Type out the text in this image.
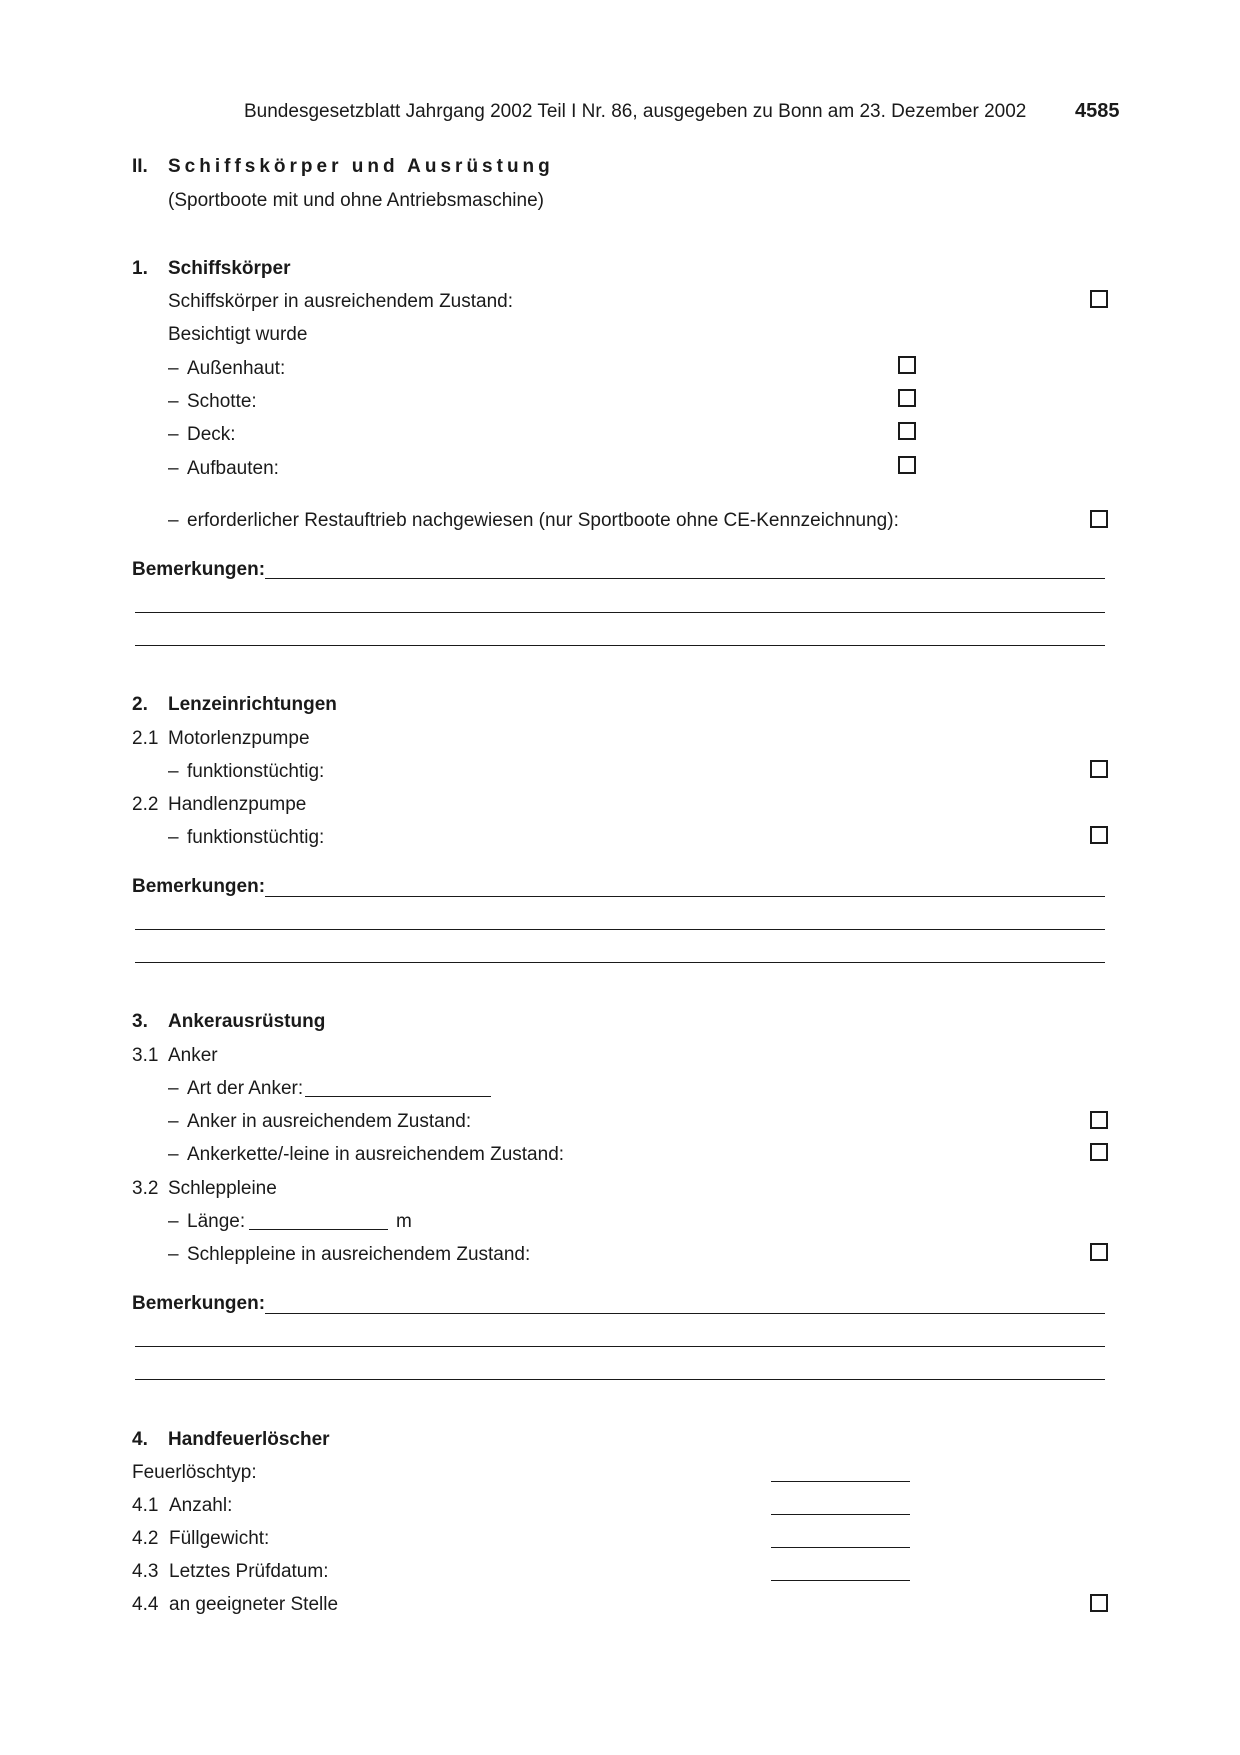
Bundesgesetzblatt Jahrgang 2002 Teil I Nr. 86, ausgegeben zu Bonn am 23. Dezember 2002 4585
II. Schiffskörper und Ausrüstung
(Sportboote mit und ohne Antriebsmaschine)
1. Schiffskörper
Schiffskörper in ausreichendem Zustand:
Besichtigt wurde
– Außenhaut:
– Schotte:
– Deck:
– Aufbauten:
– erforderlicher Restauftrieb nachgewiesen (nur Sportboote ohne CE-Kennzeichnung):
Bemerkungen:
2. Lenzeinrichtungen
2.1 Motorlenzpumpe
– funktionstüchtig:
2.2 Handlenzpumpe
– funktionstüchtig:
Bemerkungen:
3. Ankerausrüstung
3.1 Anker
– Art der Anker:
– Anker in ausreichendem Zustand:
– Ankerkette/-leine in ausreichendem Zustand:
3.2 Schleppleine
– Länge:	m
– Schleppleine in ausreichendem Zustand:
Bemerkungen:
4. Handfeuerlöscher
Feuerlöschtyp:
4.1 Anzahl:
4.2 Füllgewicht:
4.3 Letztes Prüfdatum:
4.4 an geeigneter Stelle
